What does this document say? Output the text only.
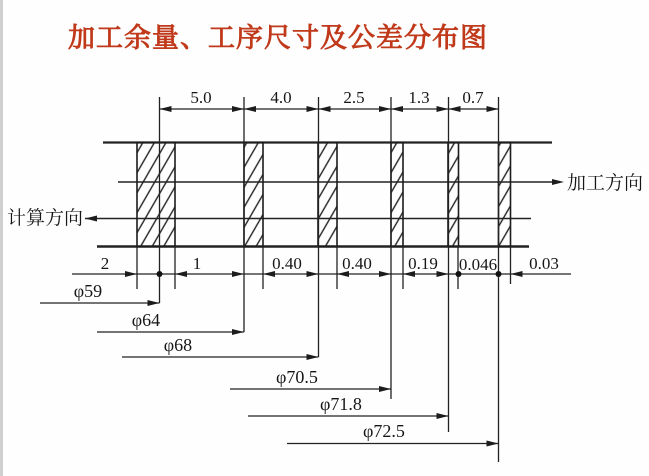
加工余量、工序尺寸及公差分布图
加工方向
计算方向
5.0	4.0	2.5	1.3 0.7
2	1	0.40 0.40 0.19 0.046 0.03
φ59
φ64
φ68
φ70.5
φ71.8
φ72.5
